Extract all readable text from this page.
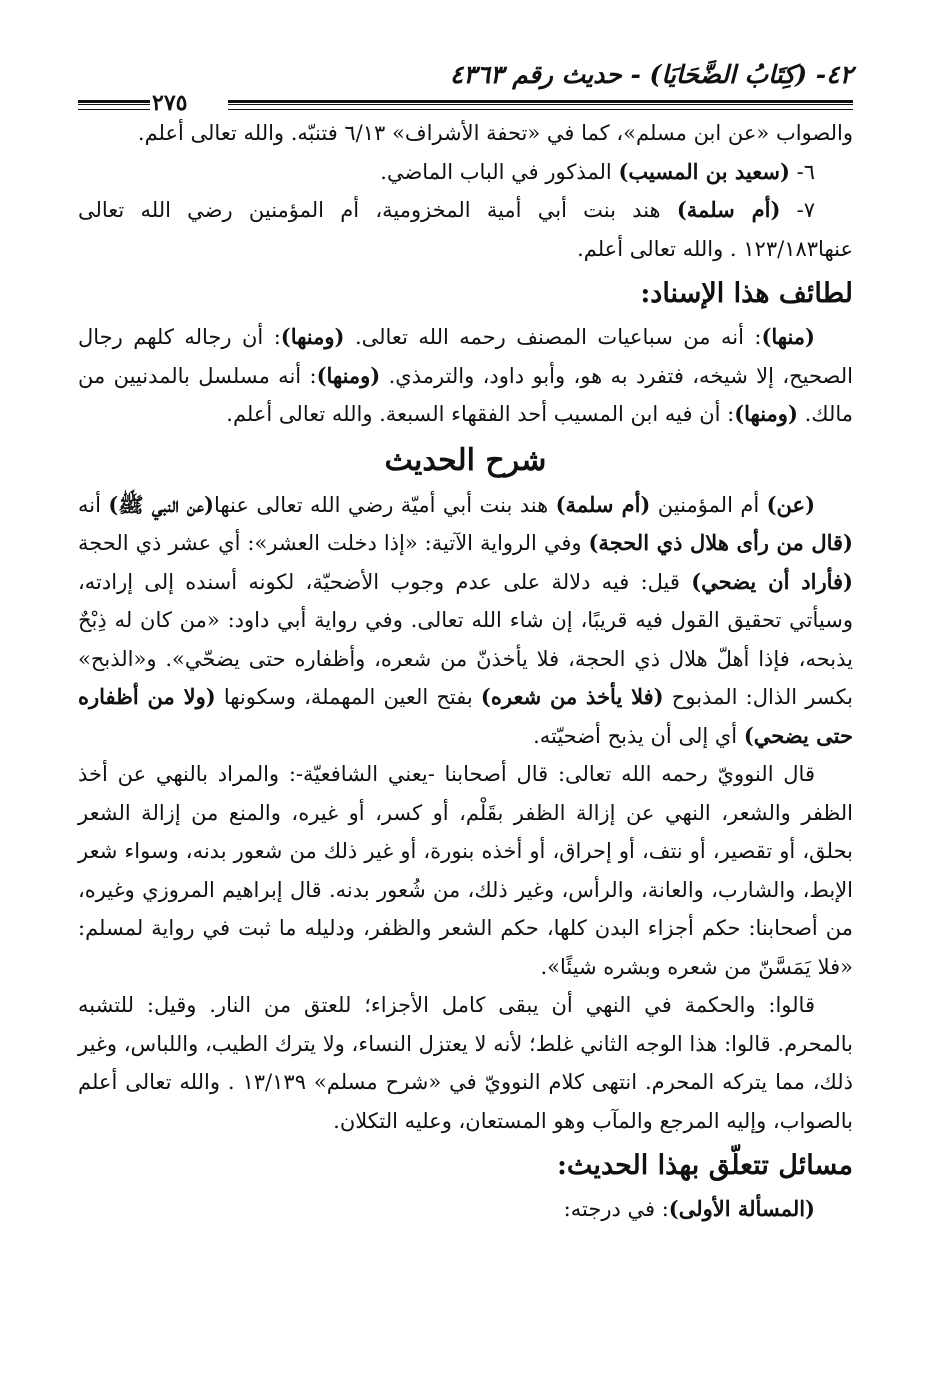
٤٢- (كِتَابُ الضَّحَايَا) - حديث رقم ٤٣٦٣
٢٧٥

والصواب «عن ابن مسلم»، كما في «تحفة الأشراف» ٦/١٣ فتنبّه. والله تعالى أعلم.

٦- (سعيد بن المسيب) المذكور في الباب الماضي.

٧- (أم سلمة) هند بنت أبي أمية المخزومية، أم المؤمنين رضي الله تعالى عنها١٢٣/١٨٣ . والله تعالى أعلم.

لطائف هذا الإسناد:

(منها): أنه من سباعيات المصنف رحمه الله تعالى. (ومنها): أن رجاله كلهم رجال الصحيح، إلا شيخه، فتفرد به هو، وأبو داود، والترمذي. (ومنها): أنه مسلسل بالمدنيين من مالك. (ومنها): أن فيه ابن المسيب أحد الفقهاء السبعة. والله تعالى أعلم.

شرح الحديث

(عن) أم المؤمنين (أم سلمة) هند بنت أبي أميّة رضي الله تعالى عنها(عن النبي ﷺ) أنه (قال من رأى هلال ذي الحجة) وفي الرواية الآتية: «إذا دخلت العشر»: أي عشر ذي الحجة (فأراد أن يضحي) قيل: فيه دلالة على عدم وجوب الأضحيّة، لكونه أسنده إلى إرادته، وسيأتي تحقيق القول فيه قريبًا، إن شاء الله تعالى. وفي رواية أبي داود: «من كان له ذِبْحٌ يذبحه، فإذا أهلّ هلال ذي الحجة، فلا يأخذنّ من شعره، وأظفاره حتى يضحّي». و«الذبح» بكسر الذال: المذبوح (فلا يأخذ من شعره) بفتح العين المهملة، وسكونها (ولا من أظفاره حتى يضحي) أي إلى أن يذبح أضحيّته.

قال النوويّ رحمه الله تعالى: قال أصحابنا -يعني الشافعيّة-: والمراد بالنهي عن أخذ الظفر والشعر، النهي عن إزالة الظفر بقَلْم، أو كسر، أو غيره، والمنع من إزالة الشعر بحلق، أو تقصير، أو نتف، أو إحراق، أو أخذه بنورة، أو غير ذلك من شعور بدنه، وسواء شعر الإبط، والشارب، والعانة، والرأس، وغير ذلك، من شُعور بدنه. قال إبراهيم المروزي وغيره، من أصحابنا: حكم أجزاء البدن كلها، حكم الشعر والظفر، ودليله ما ثبت في رواية لمسلم: «فلا يَمَسَّنّ من شعره وبشره شيئًا».

قالوا: والحكمة في النهي أن يبقى كامل الأجزاء؛ للعتق من النار. وقيل: للتشبه بالمحرم. قالوا: هذا الوجه الثاني غلط؛ لأنه لا يعتزل النساء، ولا يترك الطيب، واللباس، وغير ذلك، مما يتركه المحرم. انتهى كلام النوويّ في «شرح مسلم» ١٣/١٣٩ . والله تعالى أعلم بالصواب، وإليه المرجع والمآب وهو المستعان، وعليه التكلان.

مسائل تتعلّق بهذا الحديث:

(المسألة الأولى): في درجته:
